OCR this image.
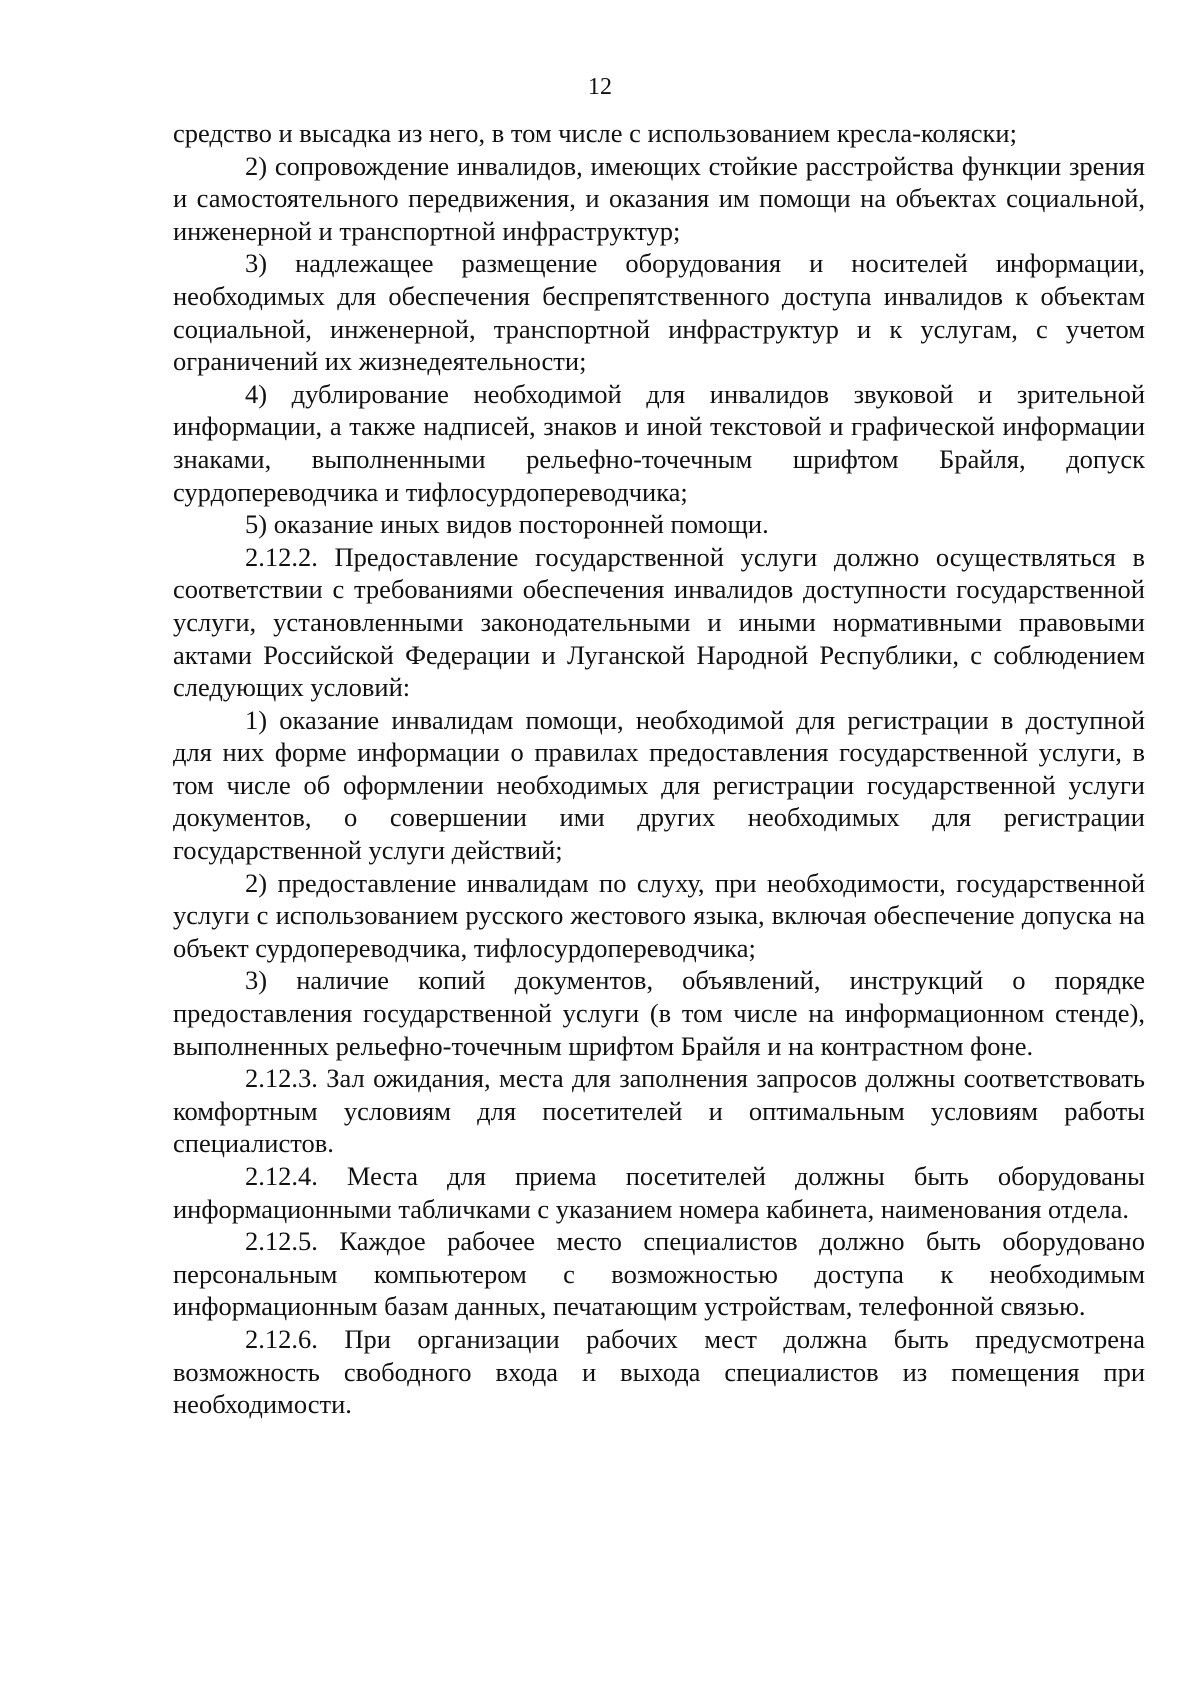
12

средство и высадка из него, в том числе с использованием кресла-коляски;

2) сопровождение инвалидов, имеющих стойкие расстройства функции зрения и самостоятельного передвижения, и оказания им помощи на объектах социальной, инженерной и транспортной инфраструктур;

3) надлежащее размещение оборудования и носителей информации, необходимых для обеспечения беспрепятственного доступа инвалидов к объектам социальной, инженерной, транспортной инфраструктур и к услугам, с учетом ограничений их жизнедеятельности;

4) дублирование необходимой для инвалидов звуковой и зрительной информации, а также надписей, знаков и иной текстовой и графической информации знаками, выполненными рельефно-точечным шрифтом Брайля, допуск сурдопереводчика и тифлосурдопереводчика;

5) оказание иных видов посторонней помощи.

2.12.2. Предоставление государственной услуги должно осуществляться в соответствии с требованиями обеспечения инвалидов доступности государственной услуги, установленными законодательными и иными нормативными правовыми актами Российской Федерации и Луганской Народной Республики, с соблюдением следующих условий:

1) оказание инвалидам помощи, необходимой для регистрации в доступной для них форме информации о правилах предоставления государственной услуги, в том числе об оформлении необходимых для регистрации государственной услуги документов, о совершении ими других необходимых для регистрации государственной услуги действий;

2) предоставление инвалидам по слуху, при необходимости, государственной услуги с использованием русского жестового языка, включая обеспечение допуска на объект сурдопереводчика, тифлосурдопереводчика;

3) наличие копий документов, объявлений, инструкций о порядке предоставления государственной услуги (в том числе на информационном стенде), выполненных рельефно-точечным шрифтом Брайля и на контрастном фоне.

2.12.3. Зал ожидания, места для заполнения запросов должны соответствовать комфортным условиям для посетителей и оптимальным условиям работы специалистов.

2.12.4. Места для приема посетителей должны быть оборудованы информационными табличками с указанием номера кабинета, наименования отдела.

2.12.5. Каждое рабочее место специалистов должно быть оборудовано персональным компьютером с возможностью доступа к необходимым информационным базам данных, печатающим устройствам, телефонной связью.

2.12.6. При организации рабочих мест должна быть предусмотрена возможность свободного входа и выхода специалистов из помещения при необходимости.
